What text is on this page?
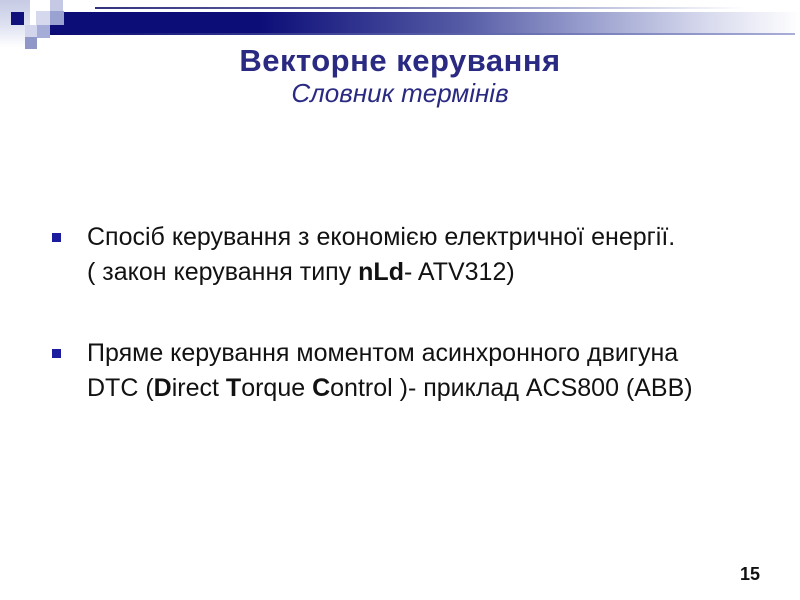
Векторне керування
Словник термінів
Спосіб керування з економією електричної енергії.
( закон керування типу nLd- ATV312)
Пряме керування моментом асинхронного двигуна
DTC (Direct Torque Control )- приклад ACS800 (ABB)
15
